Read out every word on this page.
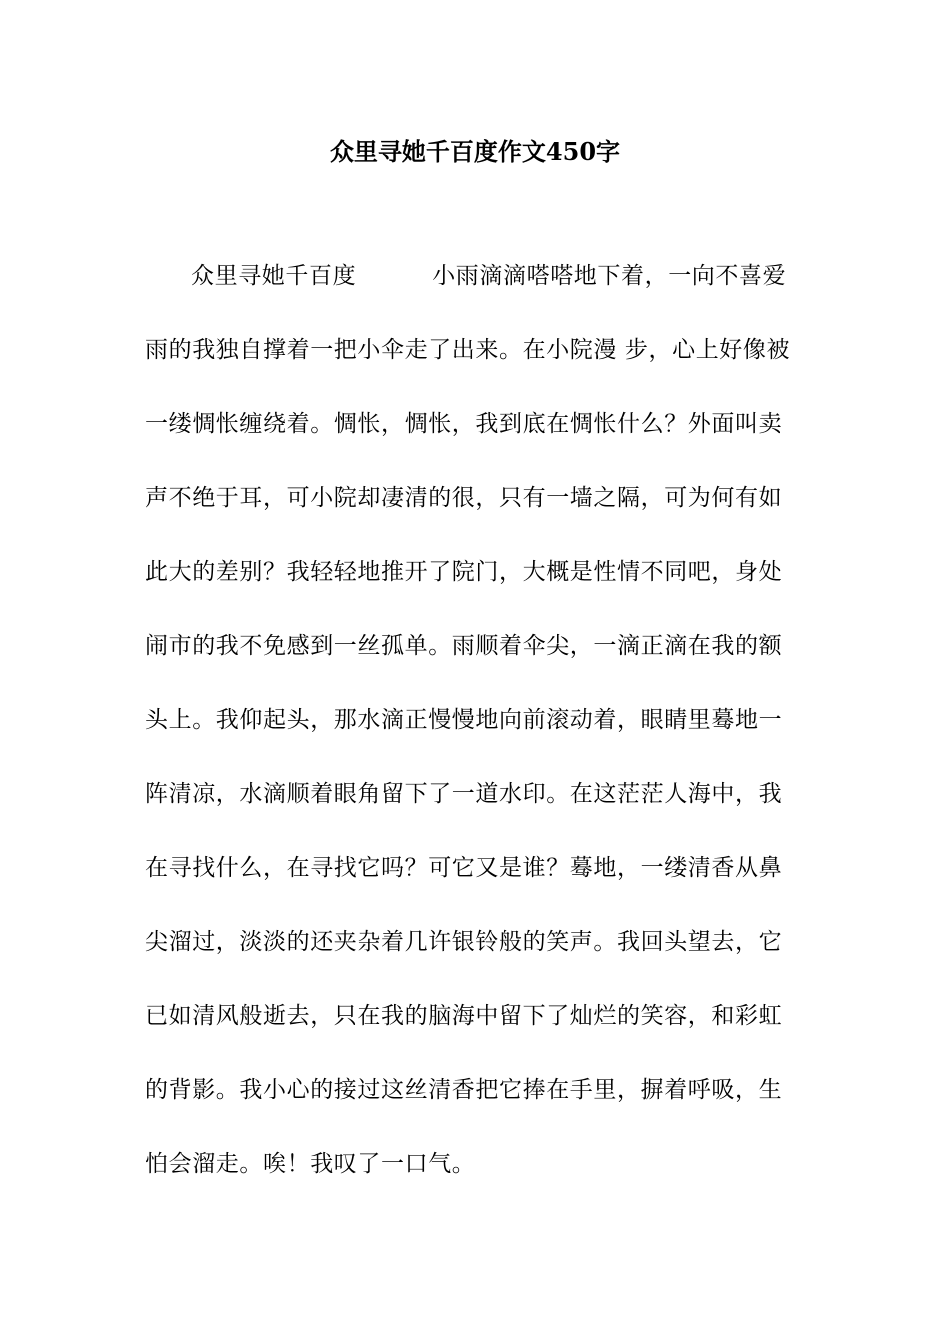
众里寻她千百度作文450字
众里寻她千百度	小雨滴滴嗒嗒地下着，一向不喜爱
雨的我独自撑着一把小伞走了出来。在小院漫 步，心上好像被
一缕惆怅缠绕着。惆怅，惆怅，我到底在惆怅什么？外面叫卖
声不绝于耳，可小院却凄清的很，只有一墙之隔，可为何有如
此大的差别？我轻轻地推开了院门，大概是性情不同吧，身处
闹市的我不免感到一丝孤单。雨顺着伞尖，一滴正滴在我的额
头上。我仰起头，那水滴正慢慢地向前滚动着，眼睛里蓦地一
阵清凉，水滴顺着眼角留下了一道水印。在这茫茫人海中，我
在寻找什么，在寻找它吗？可它又是谁？蓦地，一缕清香从鼻
尖溜过，淡淡的还夹杂着几许银铃般的笑声。我回头望去，它
已如清风般逝去，只在我的脑海中留下了灿烂的笑容，和彩虹
的背影。我小心的接过这丝清香把它捧在手里，摒着呼吸，生
怕会溜走。唉！我叹了一口气。
